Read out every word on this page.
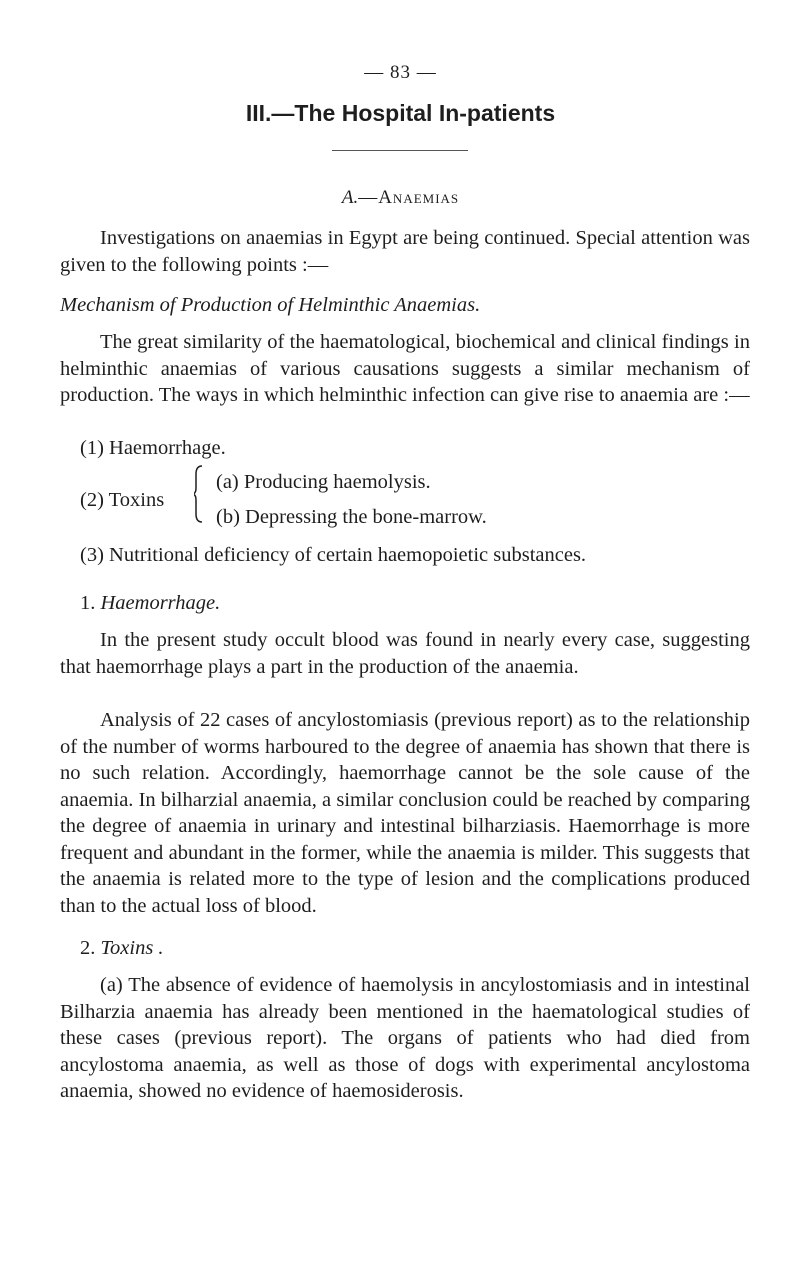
— 83 —
III.—The Hospital In-patients
A.—Anaemias

Investigations on anaemias in Egypt are being continued. Special attention was given to the following points :—

Mechanism of Production of Helminthic Anaemias.

The great similarity of the haematological, biochemical and clinical findings in helminthic anaemias of various causations suggests a similar mechanism of production. The ways in which helminthic infection can give rise to anaemia are :—

(1) Haemorrhage.
(2) Toxins
(a) Producing haemolysis.
(b) Depressing the bone-marrow.
(3) Nutritional deficiency of certain haemopoietic substances.
1. Haemorrhage.

In the present study occult blood was found in nearly every case, suggesting that haemorrhage plays a part in the production of the anaemia.

Analysis of 22 cases of ancylostomiasis (previous report) as to the relationship of the number of worms harboured to the degree of anaemia has shown that there is no such relation. Accordingly, haemorrhage cannot be the sole cause of the anaemia. In bilharzial anaemia, a similar conclusion could be reached by comparing the degree of anaemia in urinary and intestinal bilharziasis. Haemorrhage is more frequent and abundant in the former, while the anaemia is milder. This suggests that the anaemia is related more to the type of lesion and the complications produced than to the actual loss of blood.

2. Toxins .

(a) The absence of evidence of haemolysis in ancylostomiasis and in intestinal Bilharzia anaemia has already been mentioned in the haematological studies of these cases (previous report). The organs of patients who had died from ancylostoma anaemia, as well as those of dogs with experimental ancylostoma anaemia, showed no evidence of haemosiderosis.
